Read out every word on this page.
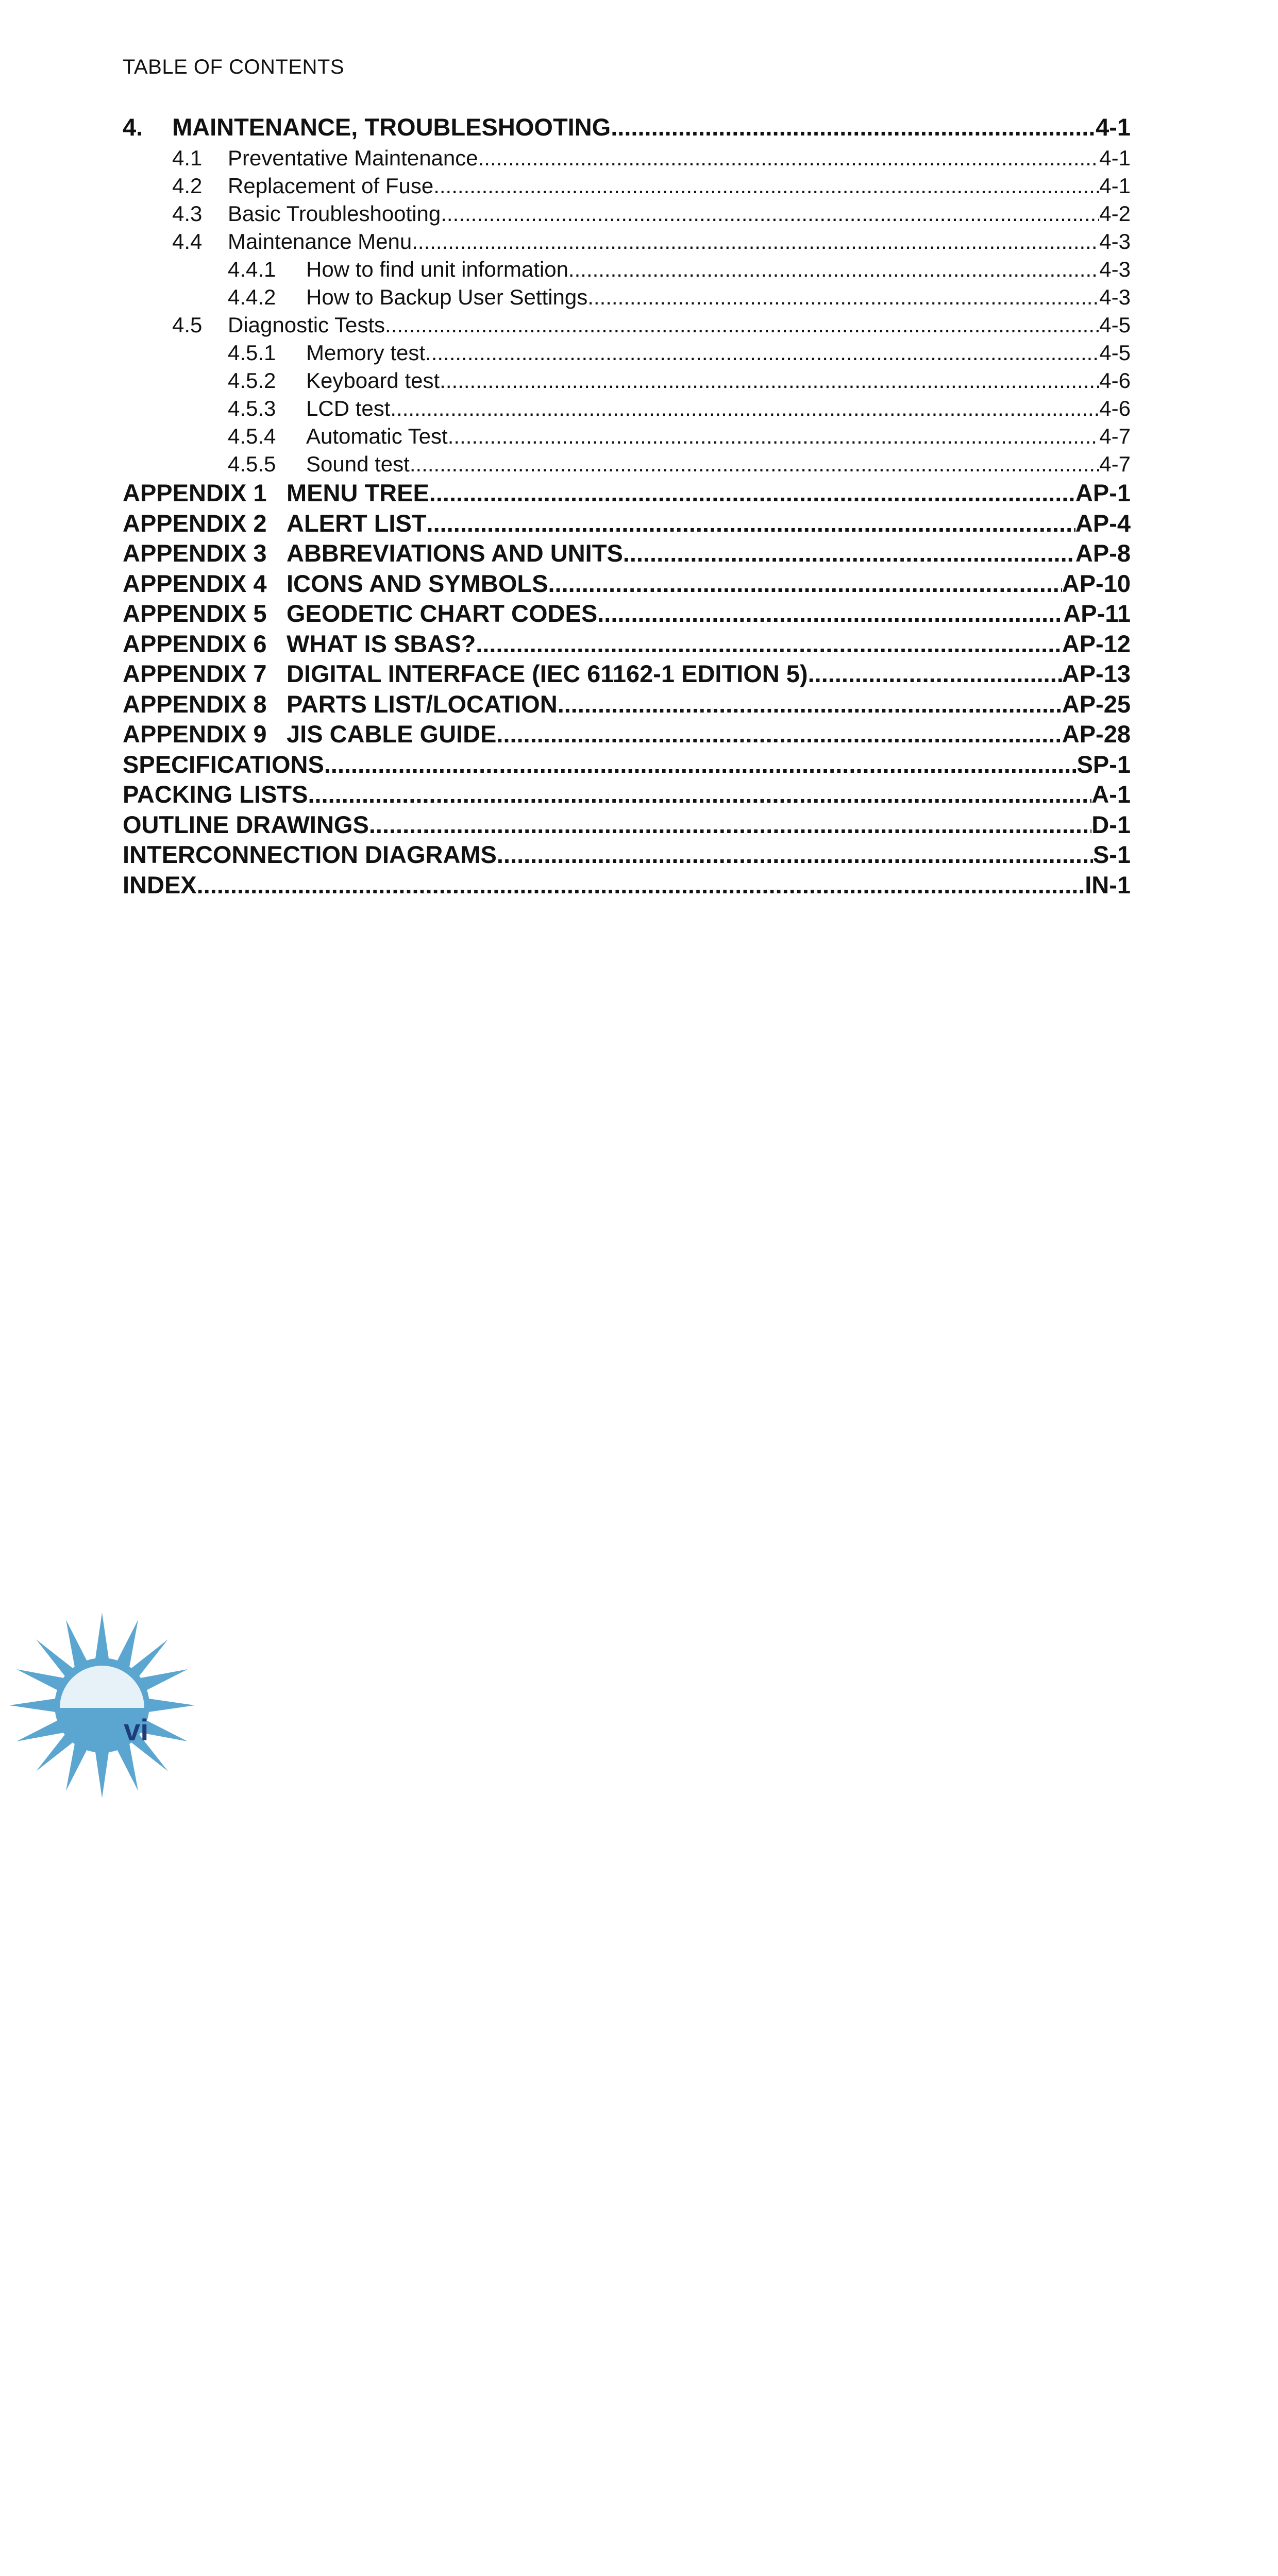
TABLE OF CONTENTS
4.	MAINTENANCE, TROUBLESHOOTING .....	4-1
4.1	Preventative Maintenance .....	4-1
4.2	Replacement of Fuse .....	4-1
4.3	Basic Troubleshooting .....	4-2
4.4	Maintenance Menu .....	4-3
4.4.1	How to find unit information .....	4-3
4.4.2	How to Backup User Settings .....	4-3
4.5	Diagnostic Tests .....	4-5
4.5.1	Memory test .....	4-5
4.5.2	Keyboard test .....	4-6
4.5.3	LCD test .....	4-6
4.5.4	Automatic Test .....	4-7
4.5.5	Sound test .....	4-7
APPENDIX 1 MENU TREE .....	AP-1
APPENDIX 2 ALERT LIST .....	AP-4
APPENDIX 3 ABBREVIATIONS AND UNITS .....	AP-8
APPENDIX 4 ICONS AND SYMBOLS .....	AP-10
APPENDIX 5 GEODETIC CHART CODES .....	AP-11
APPENDIX 6 WHAT IS SBAS? .....	AP-12
APPENDIX 7 DIGITAL INTERFACE (IEC 61162-1 EDITION 5) .....	AP-13
APPENDIX 8 PARTS LIST/LOCATION .....	AP-25
APPENDIX 9 JIS CABLE GUIDE .....	AP-28
SPECIFICATIONS .....	SP-1
PACKING LISTS .....	A-1
OUTLINE DRAWINGS .....	D-1
INTERCONNECTION DIAGRAMS .....	S-1
INDEX .....	IN-1
vi
